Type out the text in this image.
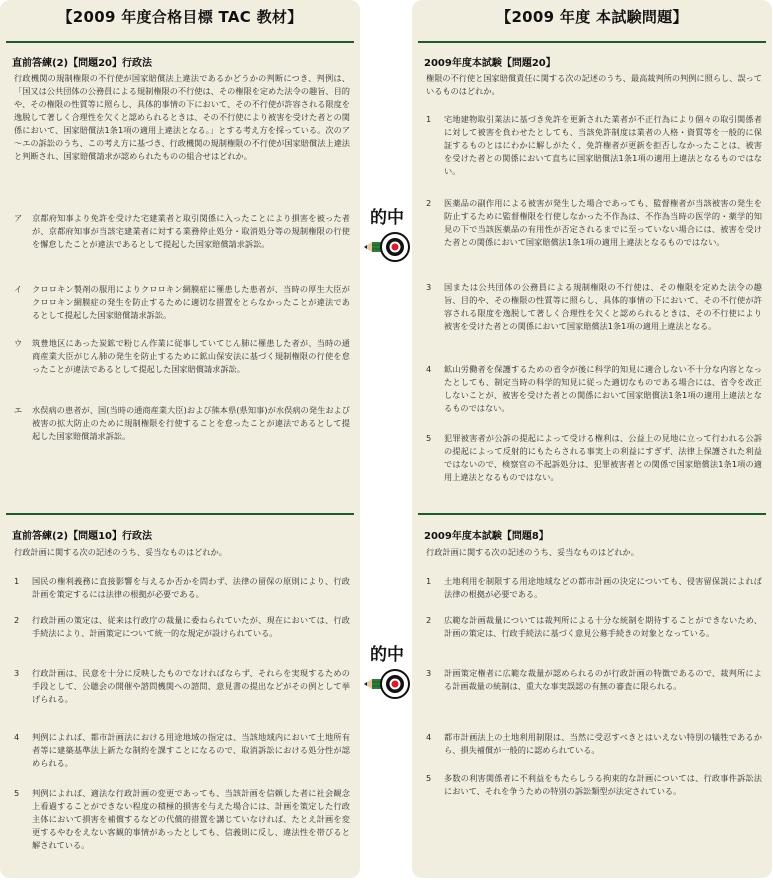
【2009 年度合格目標 TAC 教材】
直前答練(2)【問題20】行政法
行政機関の規制権限の不行使が国家賠償法上違法であるかどうかの判断につき、判例は、「国又は公共団体の公務員による規制権限の不行使は、その権限を定めた法令の趣旨、目的や、その権限の性質等に照らし、具体的事情の下において、その不行使が許容される限度を逸脱して著しく合理性を欠くと認められるときは、その不行使により被害を受けた者との関係において、国家賠償法1条1項の適用上違法となる。」とする考え方を採っている。次のア～エの訴訟のうち、この考え方に基づき、行政機関の規制権限の不行使が国家賠償法上違法と判断され、国家賠償請求が認められたものの組合せはどれか。
ア 京都府知事より免許を受けた宅建業者と取引関係に入ったことにより損害を被った者が、京都府知事が当該宅建業者に対する業務停止処分・取消処分等の規制権限の行使を懈怠したことが違法であるとして提起した国家賠償請求訴訟。
イ クロロキン製剤の服用によりクロロキン網膜症に罹患した患者が、当時の厚生大臣がクロロキン網膜症の発生を防止するために適切な措置をとらなかったことが違法であるとして提起した国家賠償請求訴訟。
ウ 筑豊地区にあった炭鉱で粉じん作業に従事していてじん肺に罹患した者が、当時の通商産業大臣がじん肺の発生を防止するために鉱山保安法に基づく規制権限の行使を怠ったことが違法であるとして提起した国家賠償請求訴訟。
エ 水俣病の患者が、国(当時の通商産業大臣)および熊本県(県知事)が水俣病の発生および被害の拡大防止のために規制権限を行使することを怠ったことが違法であるとして提起した国家賠償請求訴訟。
直前答練(2)【問題10】行政法
行政計画に関する次の記述のうち、妥当なものはどれか。
1 国民の権利義務に直接影響を与えるか否かを問わず、法律の留保の原則により、行政計画を策定するには法律の根拠が必要である。
2 行政計画の策定は、従来は行政庁の裁量に委ねられていたが、現在においては、行政手続法により、計画策定について統一的な規定が設けられている。
3 行政計画は、民意を十分に反映したものでなければならず、それらを実現するための手段として、公聴会の開催や諮問機関への諮問、意見書の提出などがその例として挙げられる。
4 判例によれば、都市計画法における用途地域の指定は、当該地域内において土地所有者等に建築基準法上新たな制約を課すことになるので、取消訴訟における処分性が認められる。
5 判例によれば、適法な行政計画の変更であっても、当該計画を信頼した者に社会観念上看過することができない程度の積極的損害を与えた場合には、計画を策定した行政主体において損害を補償するなどの代償的措置を講じていなければ、たとえ計画を変更するやむをえない客観的事情があったとしても、信義則に反し、違法性を帯びると解されている。
【2009 年度 本試験問題】
2009年度本試験【問題20】
権限の不行使と国家賠償責任に関する次の記述のうち、最高裁判所の判例に照らし、誤っているものはどれか。
1 宅地建物取引業法に基づき免許を更新された業者が不正行為により個々の取引関係者に対して被害を負わせたとしても、当該免許制度は業者の人格・資質等を一般的に保証するものとはにわかに解しがたく、免許権者が更新を拒否しなかったことは、被害を受けた者との関係において直ちに国家賠償法1条1項の適用上違法となるものではない。
2 医薬品の副作用による被害が発生した場合であっても、監督権者が当該被害の発生を防止するために監督権限を行使しなかった不作為は、不作為当時の医学的・薬学的知見の下で当該医薬品の有用性が否定されるまでに至っていない場合には、被害を受けた者との関係において国家賠償法1条1項の適用上違法となるものではない。
3 国または公共団体の公務員による規制権限の不行使は、その権限を定めた法令の趣旨、目的や、その権限の性質等に照らし、具体的事情の下において、その不行使が許容される限度を逸脱して著しく合理性を欠くと認められるときは、その不行使により被害を受けた者との関係において国家賠償法1条1項の適用上違法となる。
4 鉱山労働者を保護するための省令が後に科学的知見に適合しない不十分な内容となったとしても、制定当時の科学的知見に従った適切なものである場合には、省令を改正しないことが、被害を受けた者との関係において国家賠償法1条1項の適用上違法となるものではない。
5 犯罪被害者が公訴の提起によって受ける権利は、公益上の見地に立って行われる公訴の提起によって反射的にもたらされる事実上の利益にすぎず、法律上保護された利益ではないので、検察官の不起訴処分は、犯罪被害者との関係で国家賠償法1条1項の適用上違法となるものではない。
2009年度本試験【問題8】
行政計画に関する次の記述のうち、妥当なものはどれか。
1 土地利用を制限する用途地域などの都市計画の決定についても、侵害留保説によれば法律の根拠が必要である。
2 広範な計画裁量については裁判所による十分な統制を期待することができないため、計画の策定は、行政手続法に基づく意見公募手続きの対象となっている。
3 計画策定権者に広範な裁量が認められるのが行政計画の特徴であるので、裁判所による計画裁量の統制は、重大な事実誤認の有無の審査に限られる。
4 都市計画法上の土地利用制限は、当然に受忍すべきとはいえない特別の犠牲であるから、損失補償が一般的に認められている。
5 多数の利害関係者に不利益をもたらしうる拘束的な計画については、行政事件訴訟法において、それを争うための特別の訴訟類型が法定されている。
的中
的中
